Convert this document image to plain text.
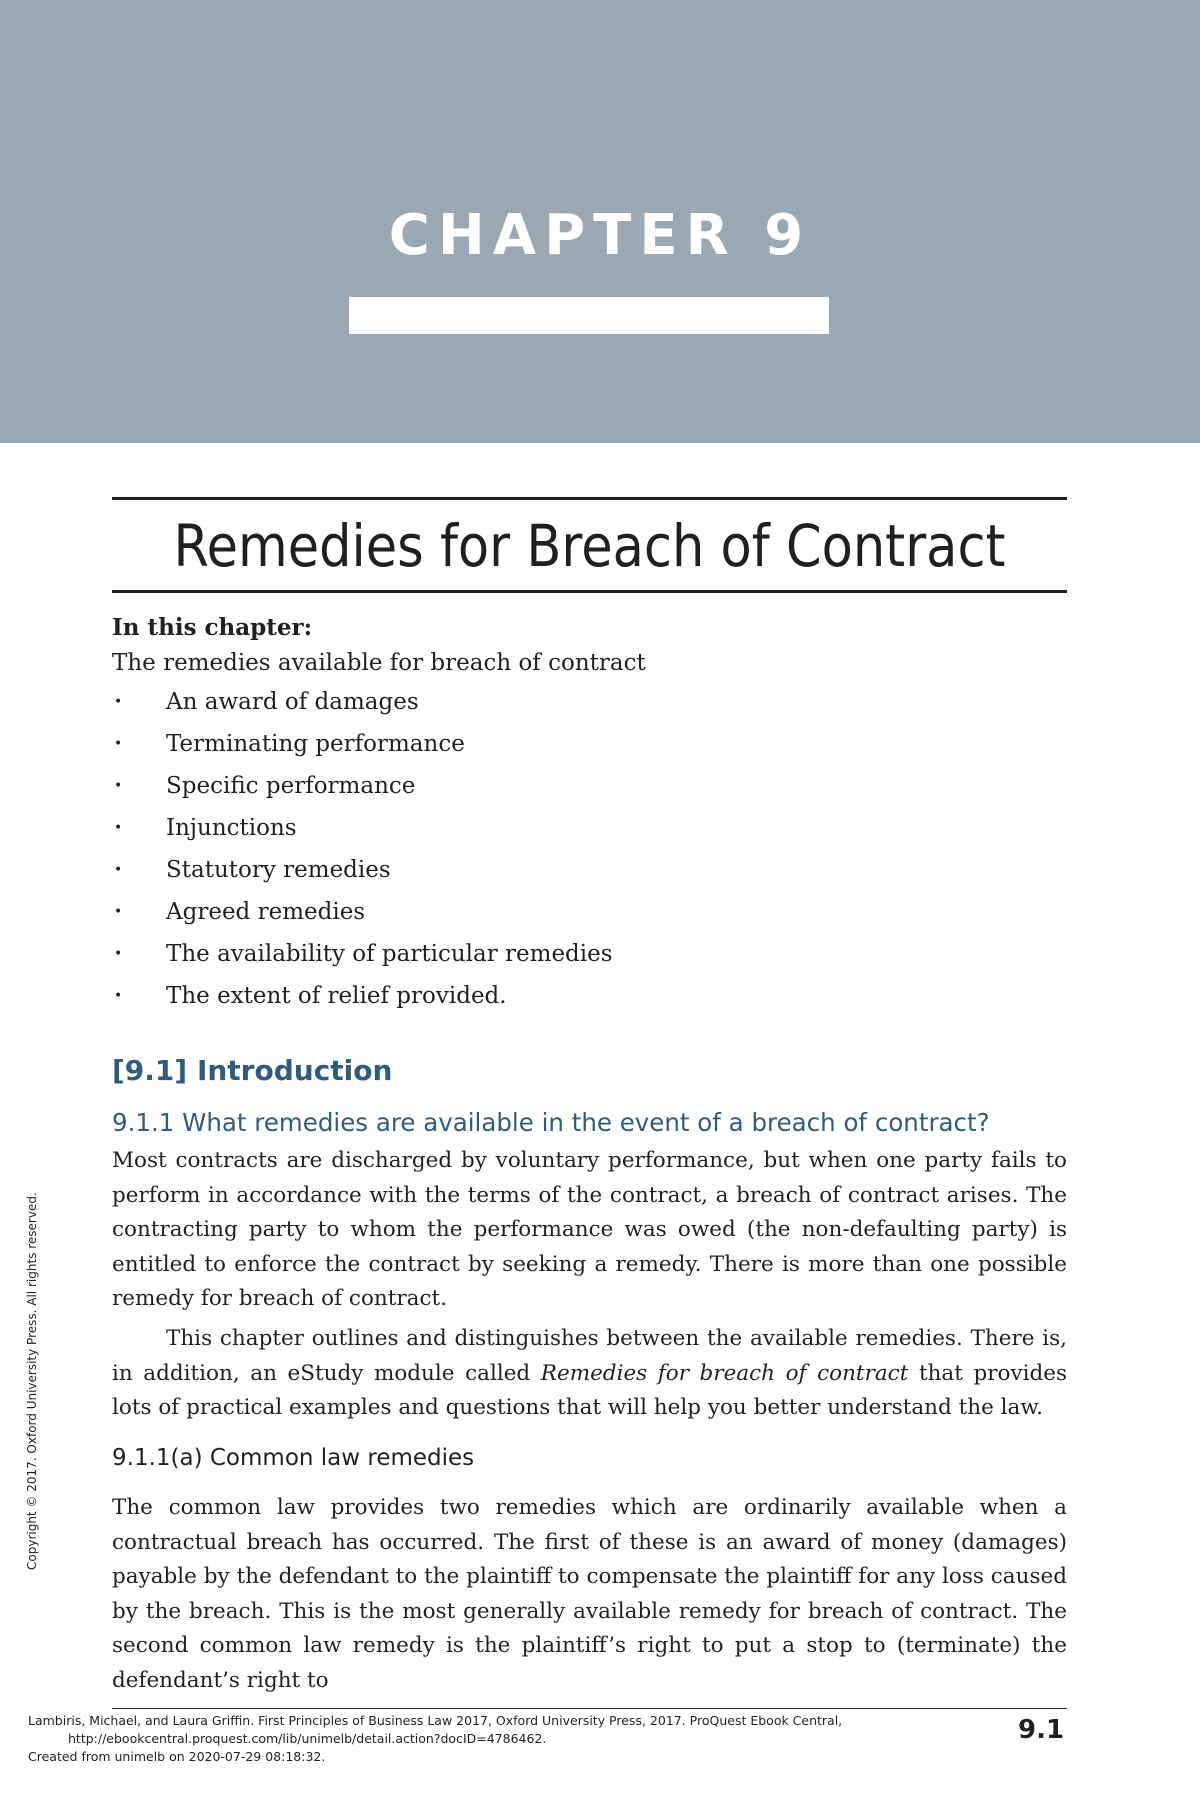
CHAPTER 9
Remedies for Breach of Contract
In this chapter:
The remedies available for breach of contract
• An award of damages
• Terminating performance
• Specific performance
• Injunctions
• Statutory remedies
• Agreed remedies
• The availability of particular remedies
• The extent of relief provided.
[9.1] Introduction
9.1.1 What remedies are available in the event of a breach of contract?

Most contracts are discharged by voluntary performance, but when one party fails to perform in accordance with the terms of the contract, a breach of contract arises. The contracting party to whom the performance was owed (the non-defaulting party) is entitled to enforce the contract by seeking a remedy. There is more than one possible remedy for breach of contract.

This chapter outlines and distinguishes between the available remedies. There is, in addition, an eStudy module called Remedies for breach of contract that provides lots of practical examples and questions that will help you better understand the law.

9.1.1(a) Common law remedies

The common law provides two remedies which are ordinarily available when a contractual breach has occurred. The first of these is an award of money (damages) payable by the defendant to the plaintiff to compensate the plaintiff for any loss caused by the breach. This is the most generally available remedy for breach of contract. The second common law remedy is the plaintiff’s right to put a stop to (terminate) the defendant’s right to

Copyright © 2017. Oxford University Press. All rights reserved.
Lambiris, Michael, and Laura Griffin. First Principles of Business Law 2017, Oxford University Press, 2017. ProQuest Ebook Central,
http://ebookcentral.proquest.com/lib/unimelb/detail.action?docID=4786462.
Created from unimelb on 2020-07-29 08:18:32.
9.1
